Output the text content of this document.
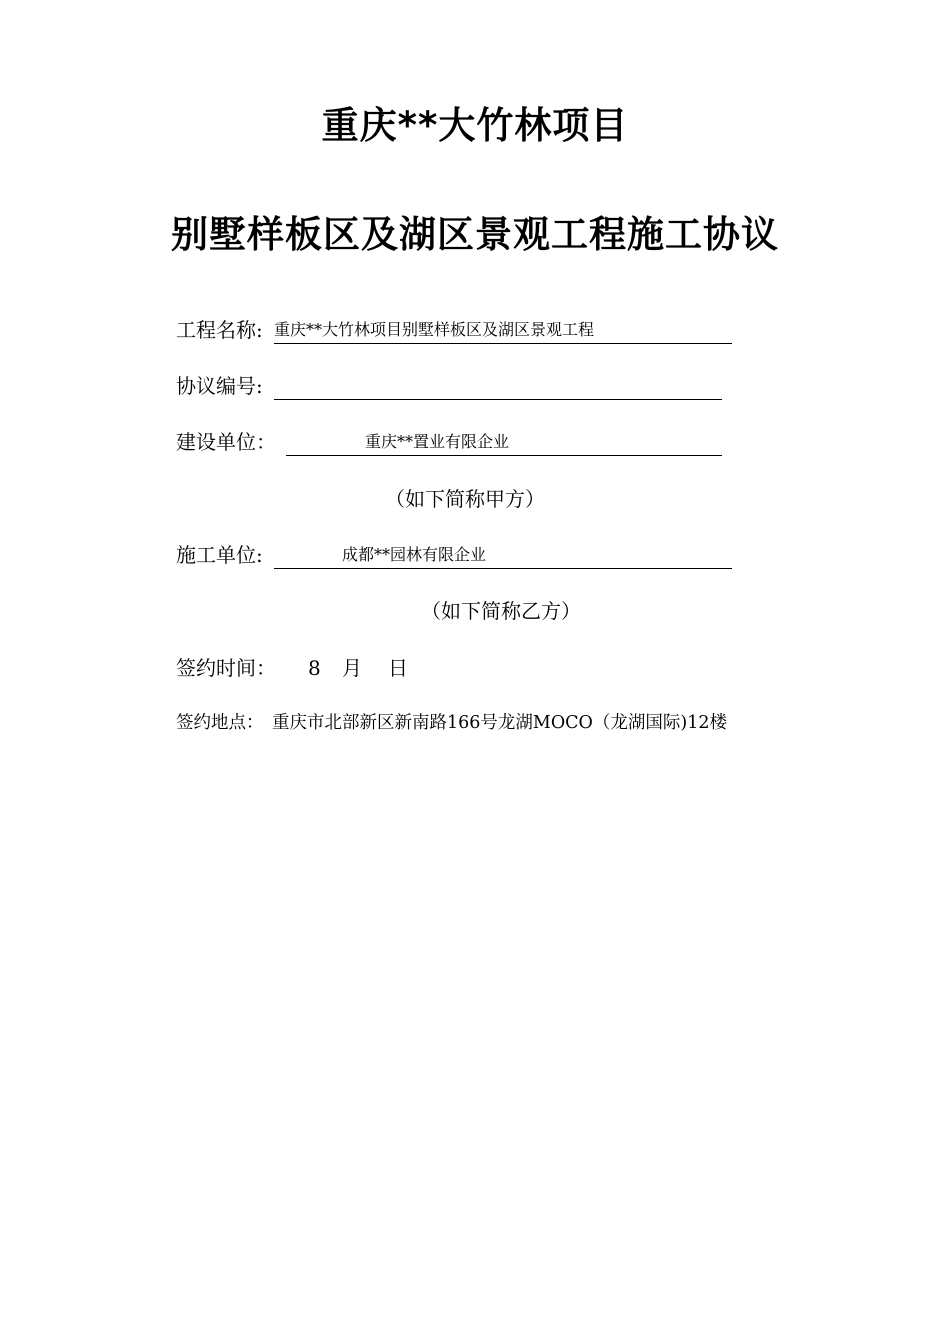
重庆**大竹林项目
别墅样板区及湖区景观工程施工协议
工程名称: 重庆**大竹林项目别墅样板区及湖区景观工程
协议编号:
建设单位：	重庆**置业有限企业
（如下简称甲方）
施工单位:	成都**园林有限企业
（如下简称乙方）
签约时间： 8 月 日
签约地点： 重庆市北部新区新南路166号龙湖MOCO（龙湖国际)12楼
